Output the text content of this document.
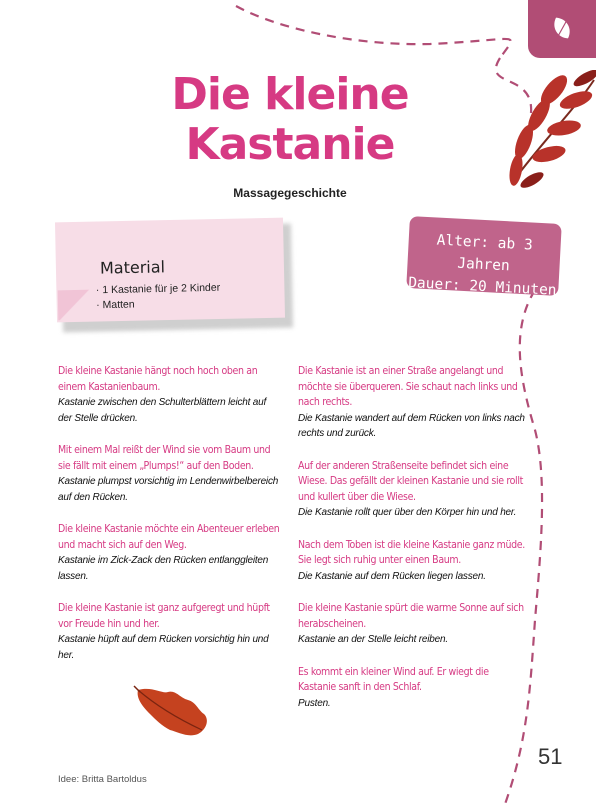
Die kleine
Kastanie
Massagegeschichte
Material
· 1 Kastanie für je 2 Kinder
· Matten
Alter: ab 3 Jahren
Dauer: 20 Minuten
Die kleine Kastanie hängt noch hoch oben an einem Kastanienbaum.
Kastanie zwischen den Schulterblättern leicht auf der Stelle drücken.
Mit einem Mal reißt der Wind sie vom Baum und sie fällt mit einem „Plumps!“ auf den Boden.
Kastanie plumpst vorsichtig im Lendenwirbelbereich auf den Rücken.
Die kleine Kastanie möchte ein Abenteuer erleben und macht sich auf den Weg.
Kastanie im Zick-Zack den Rücken entlanggleiten lassen.
Die kleine Kastanie ist ganz aufgeregt und hüpft vor Freude hin und her.
Kastanie hüpft auf dem Rücken vorsichtig hin und her.
Die Kastanie ist an einer Straße angelangt und möchte sie überqueren. Sie schaut nach links und nach rechts.
Die Kastanie wandert auf dem Rücken von links nach rechts und zurück.
Auf der anderen Straßenseite befindet sich eine Wiese. Das gefällt der kleinen Kastanie und sie rollt und kullert über die Wiese.
Die Kastanie rollt quer über den Körper hin und her.
Nach dem Toben ist die kleine Kastanie ganz müde. Sie legt sich ruhig unter einen Baum.
Die Kastanie auf dem Rücken liegen lassen.
Die kleine Kastanie spürt die warme Sonne auf sich herabscheinen.
Kastanie an der Stelle leicht reiben.
Es kommt ein kleiner Wind auf. Er wiegt die Kastanie sanft in den Schlaf.
Pusten.
Idee: Britta Bartoldus
51
